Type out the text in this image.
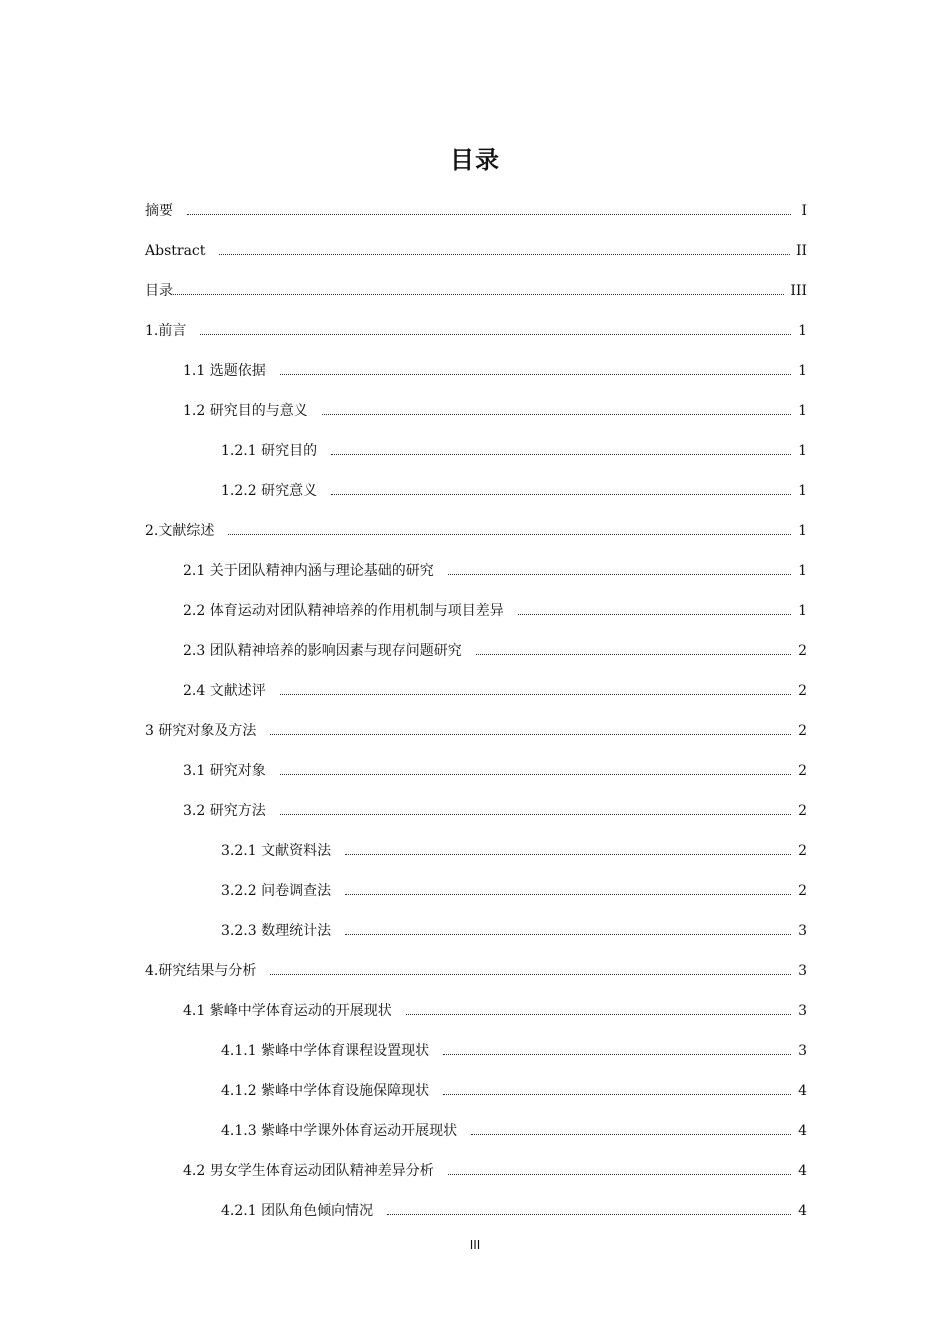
目录
摘要	I
Abstract	II
目录	III
1.前言	1
1.1 选题依据	1
1.2 研究目的与意义	1
1.2.1 研究目的	1
1.2.2 研究意义	1
2.文献综述	1
2.1 关于团队精神内涵与理论基础的研究	1
2.2 体育运动对团队精神培养的作用机制与项目差异	1
2.3 团队精神培养的影响因素与现存问题研究	2
2.4 文献述评	2
3 研究对象及方法	2
3.1 研究对象	2
3.2 研究方法	2
3.2.1 文献资料法	2
3.2.2 问卷调查法	2
3.2.3 数理统计法	3
4.研究结果与分析	3
4.1 紫峰中学体育运动的开展现状	3
4.1.1 紫峰中学体育课程设置现状	3
4.1.2 紫峰中学体育设施保障现状	4
4.1.3 紫峰中学课外体育运动开展现状	4
4.2 男女学生体育运动团队精神差异分析	4
4.2.1 团队角色倾向情况	4
III
